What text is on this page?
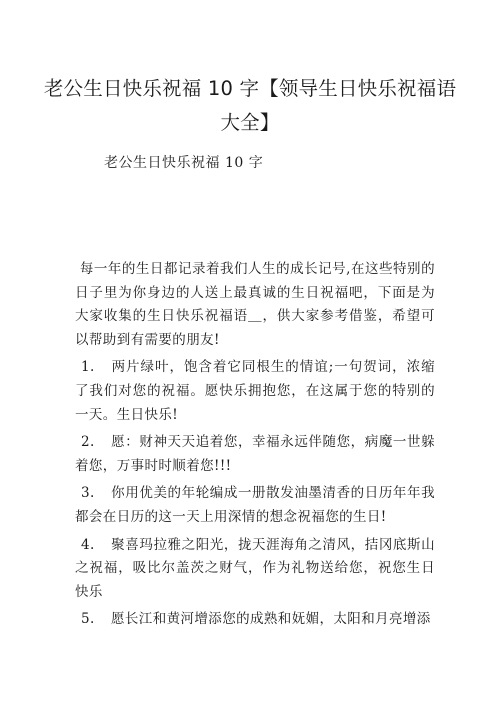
老公生日快乐祝福 10 字【领导生日快乐祝福语大全】
老公生日快乐祝福 10 字

每一年的生日都记录着我们人生的成长记号,在这些特别的日子里为你身边的人送上最真诚的生日祝福吧，下面是为大家收集的生日快乐祝福语＿，供大家参考借鉴，希望可以帮助到有需要的朋友!

1. 两片绿叶，饱含着它同根生的情谊;一句贺词，浓缩了我们对您的祝福。愿快乐拥抱您，在这属于您的特别的一天。生日快乐!

2. 愿：财神天天追着您，幸福永远伴随您，病魔一世躲着您，万事时时顺着您!!!

3. 你用优美的年轮编成一册散发油墨清香的日历年年我都会在日历的这一天上用深情的想念祝福您的生日!

4. 聚喜玛拉雅之阳光，拢天涯海角之清风，拮冈底斯山之祝福，吸比尔盖茨之财气，作为礼物送给您，祝您生日快乐

5. 愿长江和黄河增添您的成熟和妩媚，太阳和月亮增添
